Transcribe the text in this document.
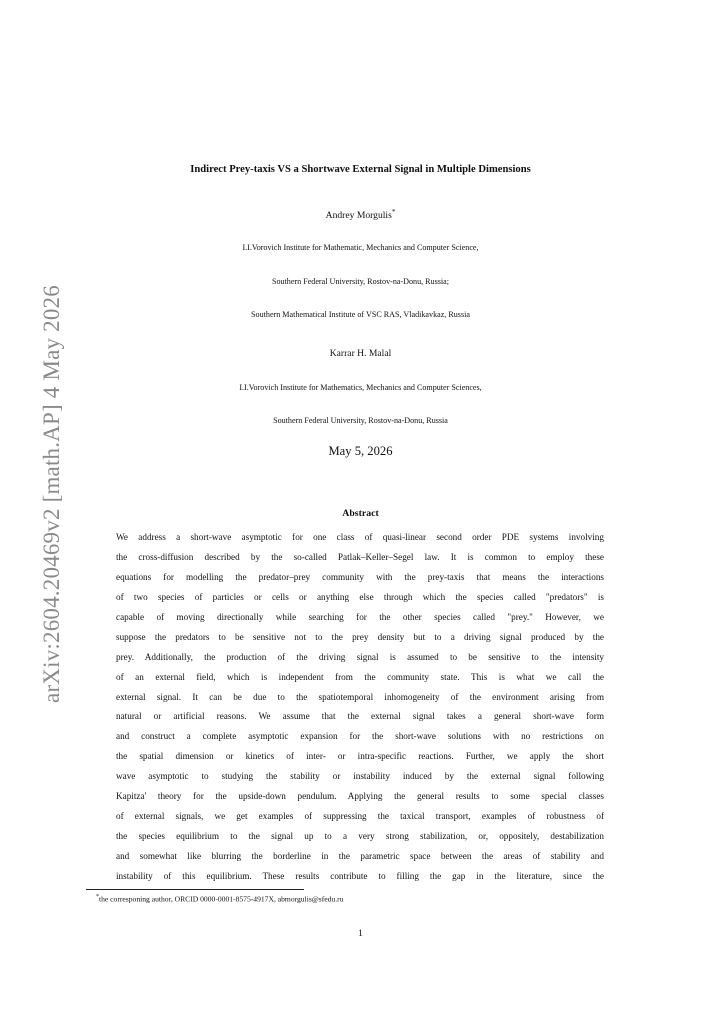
arXiv:2604.20469v2 [math.AP] 4 May 2026
Indirect Prey-taxis VS a Shortwave External Signal in Multiple Dimensions
Andrey Morgulis*
I.I.Vorovich Institute for Mathematic, Mechanics and Computer Science,
Southern Federal University, Rostov-na-Donu, Russia;
Southern Mathematical Institute of VSC RAS, Vladikavkaz, Russia
Karrar H. Malal
I.I.Vorovich Institute for Mathematics, Mechanics and Computer Sciences,
Southern Federal University, Rostov-na-Donu, Russia
May 5, 2026
Abstract
We address a short-wave asymptotic for one class of quasi-linear second order PDE systems involving
the cross-diffusion described by the so-called Patlak–Keller–Segel law. It is common to employ these
equations for modelling the predator–prey community with the prey-taxis that means the interactions
of two species of particles or cells or anything else through which the species called "predators" is
capable of moving directionally while searching for the other species called "prey." However, we
suppose the predators to be sensitive not to the prey density but to a driving signal produced by the
prey. Additionally, the production of the driving signal is assumed to be sensitive to the intensity
of an external field, which is independent from the community state. This is what we call the
external signal. It can be due to the spatiotemporal inhomogeneity of the environment arising from
natural or artificial reasons. We assume that the external signal takes a general short-wave form
and construct a complete asymptotic expansion for the short-wave solutions with no restrictions on
the spatial dimension or kinetics of inter- or intra-specific reactions. Further, we apply the short
wave asymptotic to studying the stability or instability induced by the external signal following
Kapitza' theory for the upside-down pendulum. Applying the general results to some special classes
of external signals, we get examples of suppressing the taxical transport, examples of robustness of
the species equilibrium to the signal up to a very strong stabilization, or, oppositely, destabilization
and somewhat like blurring the borderline in the parametric space between the areas of stability and
instability of this equilibrium. These results contribute to filling the gap in the literature, since the
*the corresponing author, ORCID 0000-0001-8575-4917X, abmorgulis@sfedu.ru
1
